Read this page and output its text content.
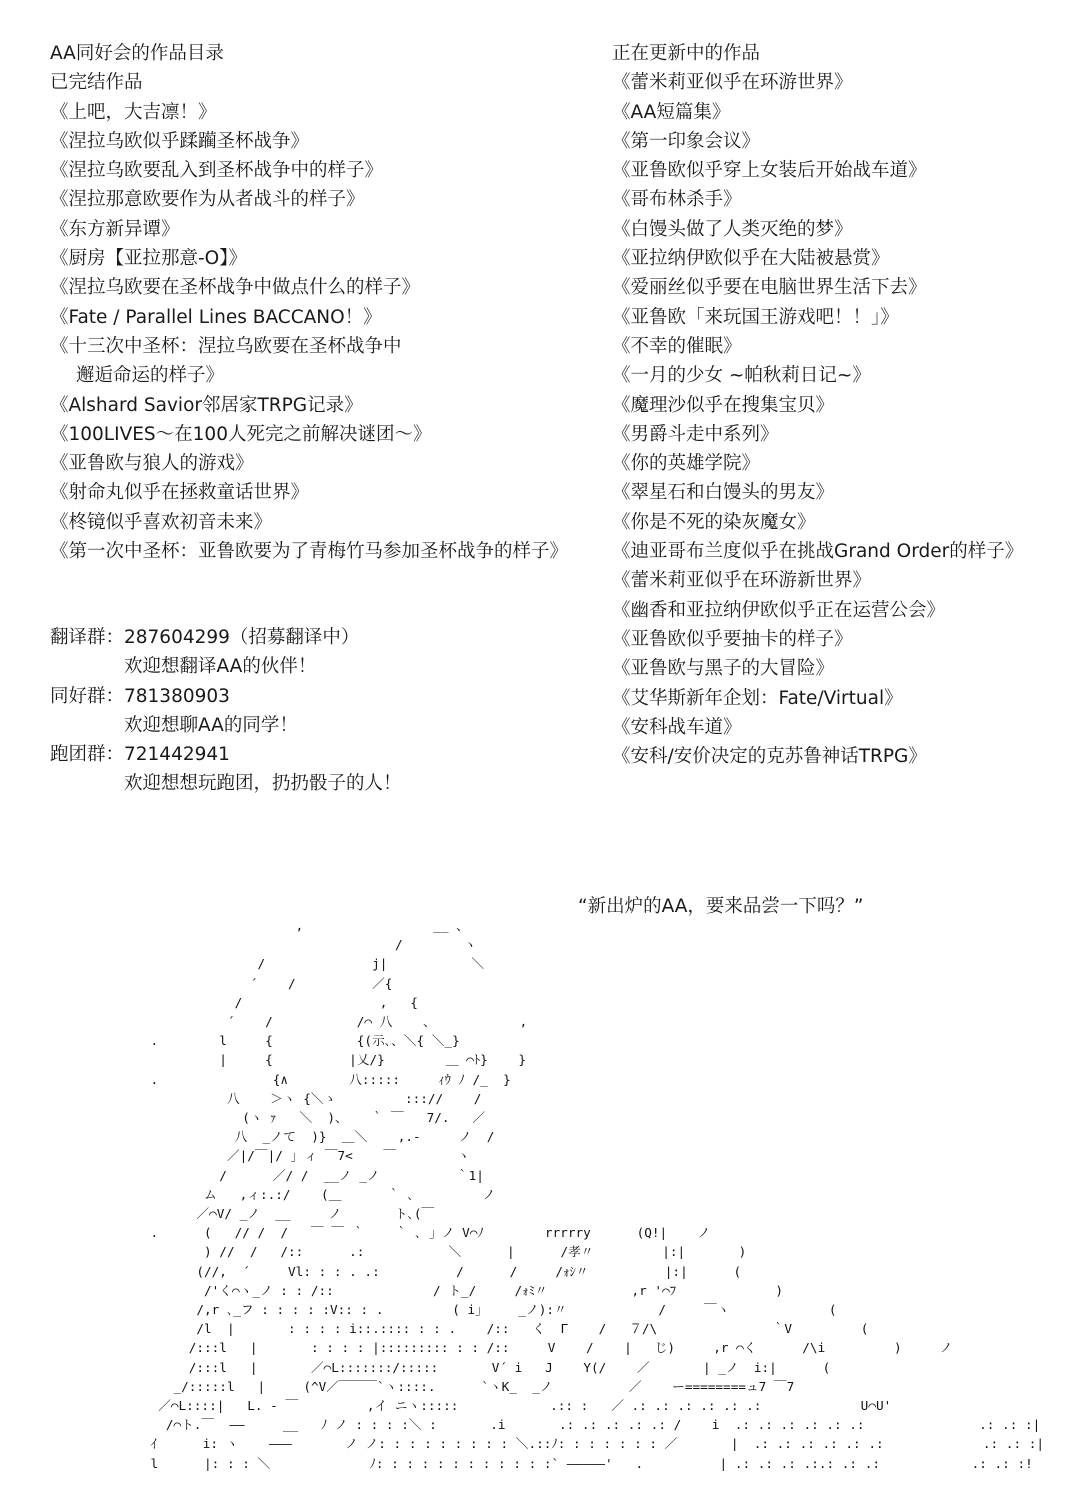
AA同好会的作品目录
已完结作品
《上吧，大吉凛！》
《涅拉乌欧似乎蹂躏圣杯战争》
《涅拉乌欧要乱入到圣杯战争中的样子》
《涅拉那意欧要作为从者战斗的样子》
《东方新异谭》
《厨房【亚拉那意-O】》
《涅拉乌欧要在圣杯战争中做点什么的样子》
《Fate / Parallel Lines BACCANO！》
《十三次中圣杯：涅拉乌欧要在圣杯战争中
邂逅命运的样子》
《Alshard Savior邻居家TRPG记录》
《100LIVES～在100人死完之前解决谜团～》
《亚鲁欧与狼人的游戏》
《射命丸似乎在拯救童话世界》
《柊镜似乎喜欢初音未来》
《第一次中圣杯：亚鲁欧要为了青梅竹马参加圣杯战争的样子》
翻译群： 287604299（招募翻译中）
欢迎想翻译AA的伙伴！
同好群： 781380903
欢迎想聊AA的同学！
跑团群： 721442941
欢迎想想玩跑团，扔扔骰子的人！
正在更新中的作品
《蕾米莉亚似乎在环游世界》
《AA短篇集》
《第一印象会议》
《亚鲁欧似乎穿上女装后开始战车道》
《哥布林杀手》
《白馒头做了人类灭绝的梦》
《亚拉纳伊欧似乎在大陆被悬赏》
《爱丽丝似乎要在电脑世界生活下去》
《亚鲁欧「来玩国王游戏吧！！」》
《不幸的催眠》
《一月的少女 ~帕秋莉日记~》
《魔理沙似乎在搜集宝贝》
《男爵斗走中系列》
《你的英雄学院》
《翠星石和白馒头的男友》
《你是不死的染灰魔女》
《迪亚哥布兰度似乎在挑战Grand Order的样子》
《蕾米莉亚似乎在环游新世界》
《幽香和亚拉纳伊欧似乎正在运营公会》
《亚鲁欧似乎要抽卡的样子》
《亚鲁欧与黑子的大冒险》
《艾华斯新年企划：Fate/Virtual》
《安科战车道》
《安科/安价决定的克苏鲁神话TRPG》
“新出炉的AA，要来品尝一下吗？”
,                 __ 、
/        ヽ
/              j|           ＼
´    /          ／{
/                  ,   {
´    /           /⌒ 八    、           ,
.        l     {           {(示､、＼{ ＼_}
|     {          |乂/}        ＿ ⌒ﾄ}    }
.               {∧        八:::::     ｨｳ ﾉ /_  }
八    ＞ヽ {＼ゝ         ::://    /
(ヽ ｧ   ＼  )、   ｀ ￣   7/.   ／
八  _ノて  )}  ＿＼    ,.-     ノ  /
／|/￣|/ ｣ ィ ￣7<    ￣        ヽ
/      ／/ /  __ノ _ノ          ｀1|
ム   ,ィ:.:/    (＿      ｀ ､         ノ
／⌒V/ _ノ  __     ノ       ト､(￣
.      (   // /  /   ￣ ￣ ｀    ｀ ､ 」ノ V⌒ﾉ        rrrrry      (Q!|    ノ
) //  /   /::      .:           ＼      |      /孝〃         |:|       )
(//,  ´     Vl: : : . .:          /      /     /ｫｼ〃          |:|      (
/'く⌒ヽ_ノ : : /::             / ト_/     /ｫﾐ〃           ,r '⌒ﾌ             )
/,r ､_フ : : : : :V:: : .         ( i」    _ノ):〃            /     ￣ヽ             (
/l  |       : : : : i::.:::: : : .    /::   く  Γ    /   ７/\               ｀V         (
/:::l   |       : : : : |::::::::: : : /::     V    /    |   じ)     ,r ⌒く      /\i         )     ノ
/:::l   |       ／⌒L:::::::/:::::       V´ i   J    Y(/    ／       | _ノ  i:|      (
_/:::::l   |     (^V／￣￣￣`ヽ::::.      `ヽK_  _ノ          ／    ー========ュ7 ￣7
／⌒L::::|   L. ‐ ￣         ,イ ニヽ:::::            .:: :   ／ .: .: .: .: .: .:             U⌒U'
/⌒ト.￣  ――     __   ﾉ ノ : : : :＼ :       .i       .: .: .: .: .: /    i  .: .: .: .: .: .:               .: .: :|
ｲ      i: ヽ    ―――       ノ ノ: : : : : : : : : ＼.::ﾉ: : : : : : : ／       |  .: .: .: .: .: .:             .: .: :|
l      |: : : ＼             ﾉ: : : : : : : : : : : :` ―――――'   .          | .: .: .: .:.: .: .:            .: .: :!
